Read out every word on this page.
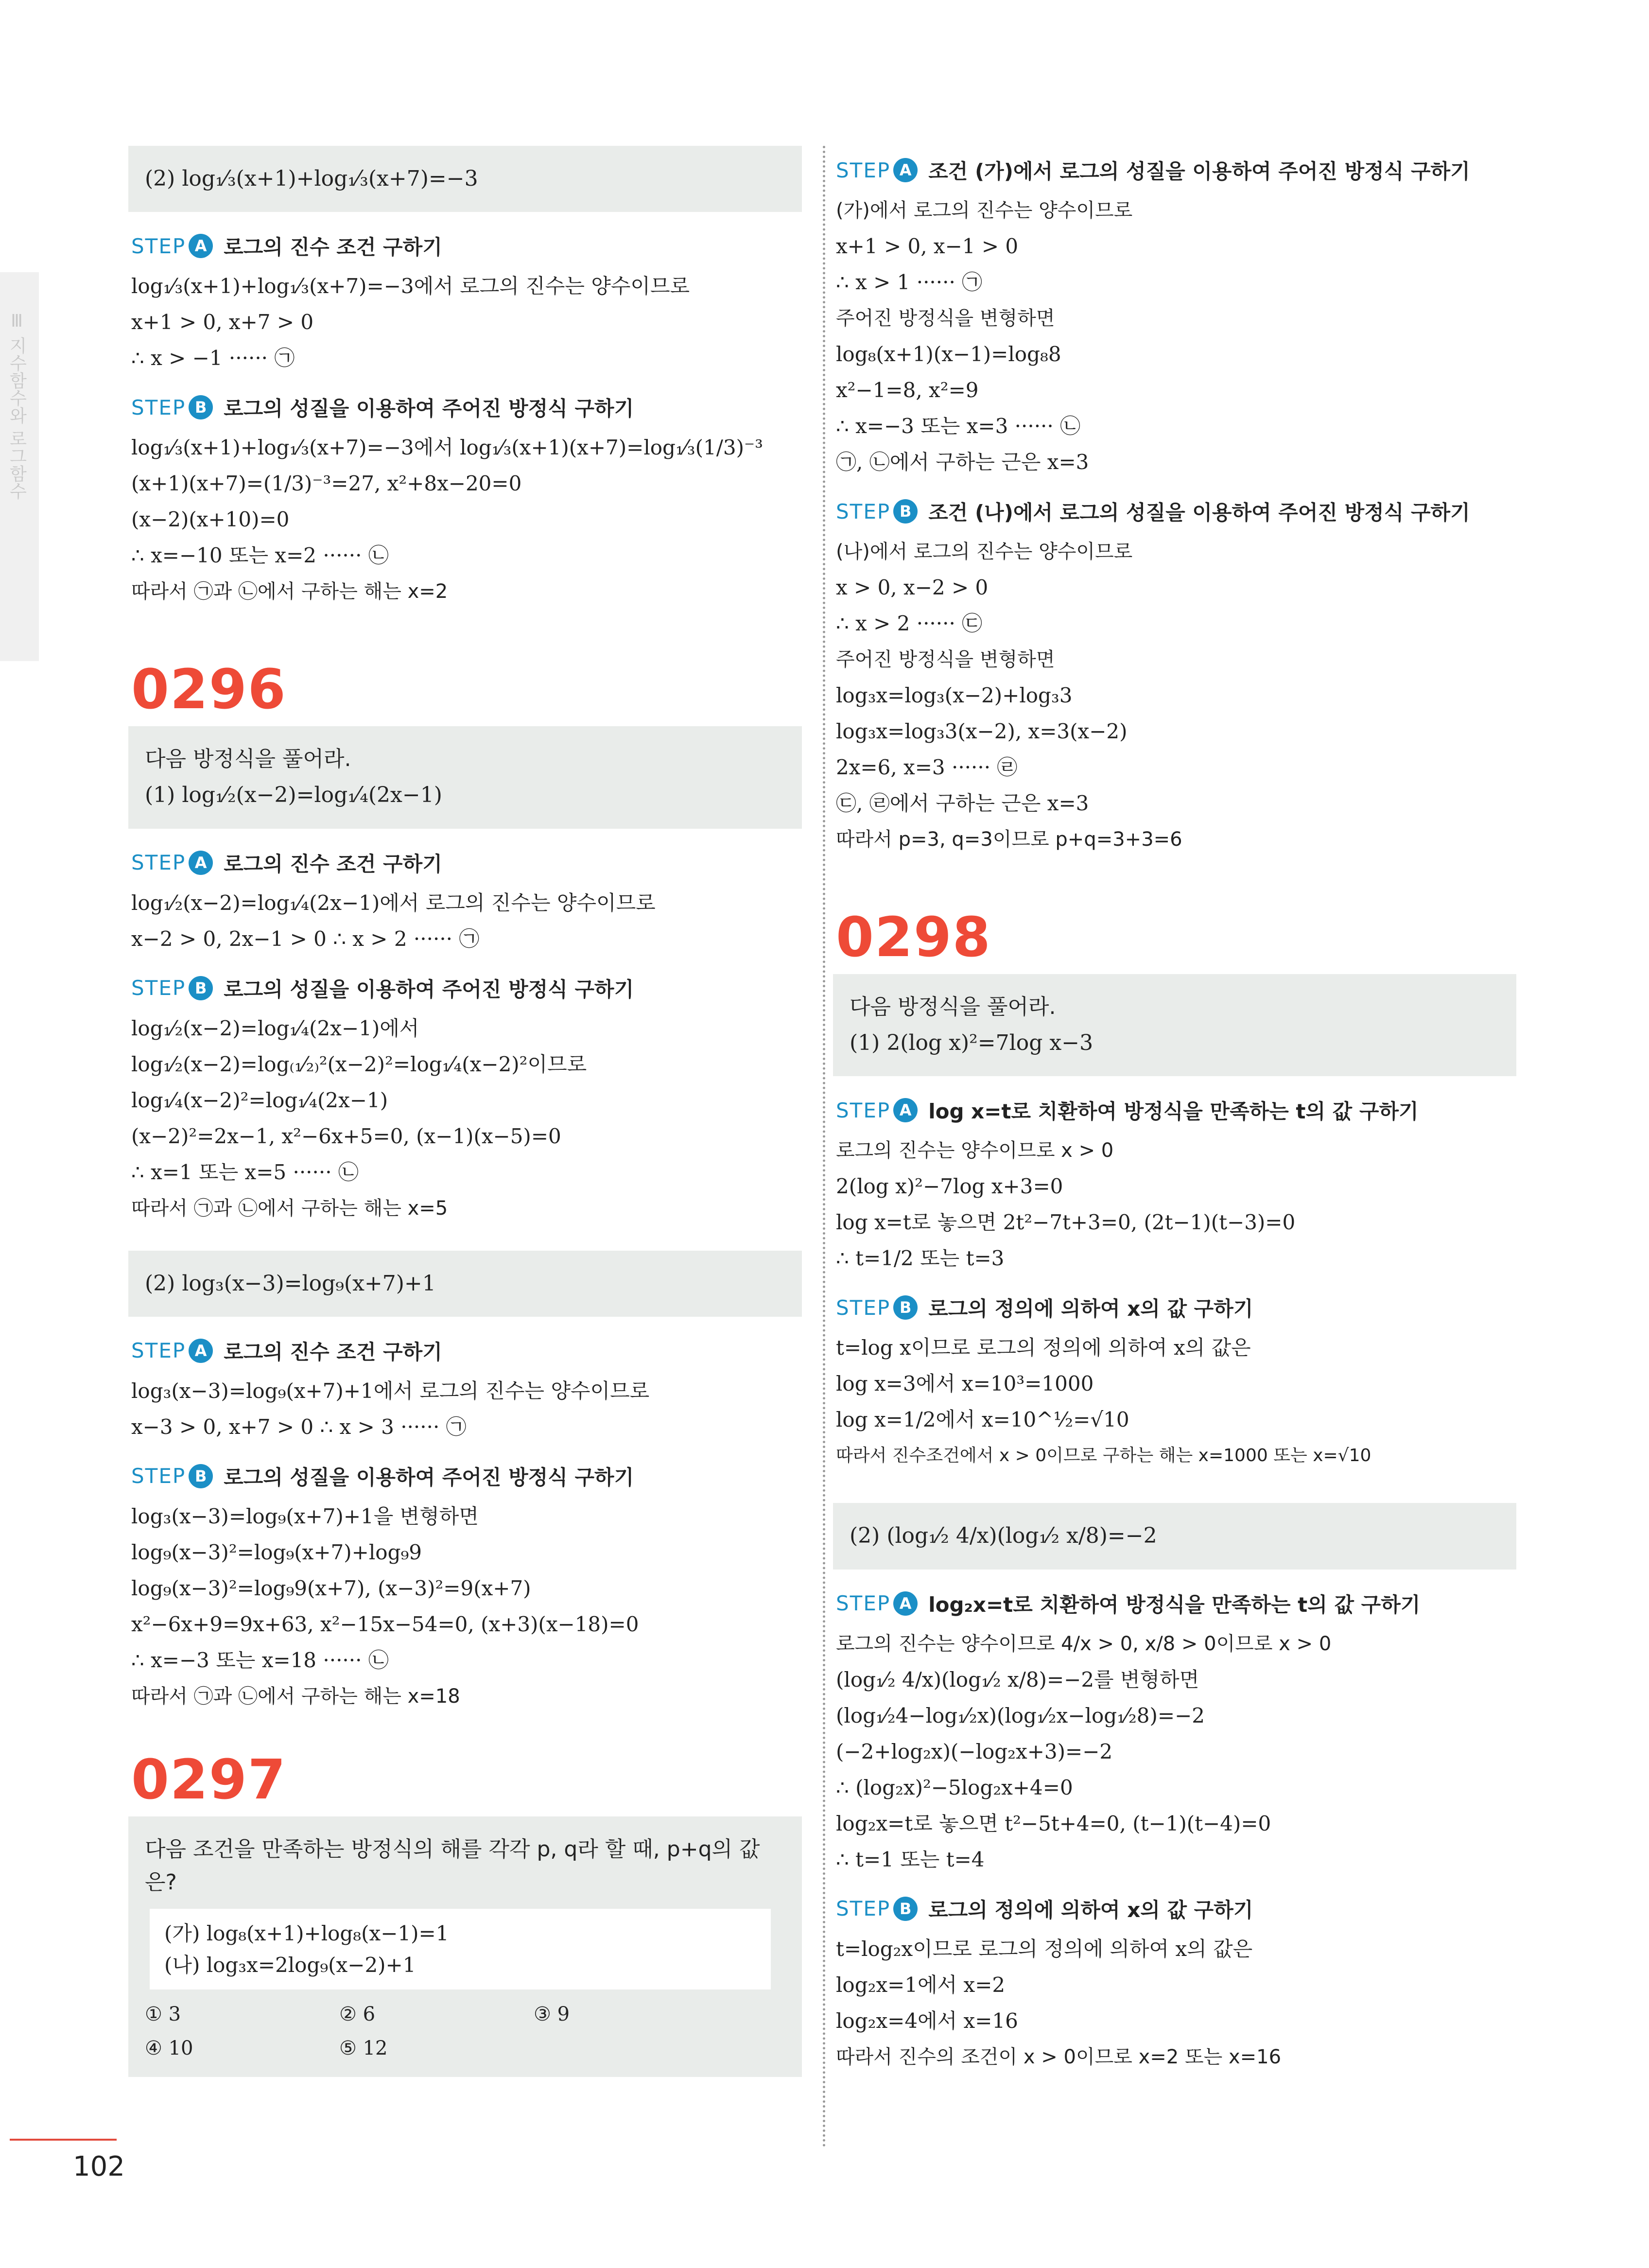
Ⅲ 지수함수와 로그함수
(2) log₁⁄₃(x+1)+log₁⁄₃(x+7)=−3
STEP A 로그의 진수 조건 구하기
log₁⁄₃(x+1)+log₁⁄₃(x+7)=−3에서 로그의 진수는 양수이므로
x+1 > 0, x+7 > 0
∴ x > −1 ······ ㉠
STEP B 로그의 성질을 이용하여 주어진 방정식 구하기
log₁⁄₃(x+1)+log₁⁄₃(x+7)=−3에서 log₁⁄₃(x+1)(x+7)=log₁⁄₃(1/3)⁻³
(x+1)(x+7)=(1/3)⁻³=27, x²+8x−20=0
(x−2)(x+10)=0
∴ x=−10 또는 x=2 ······ ㉡
따라서 ㉠과 ㉡에서 구하는 해는 x=2
0296
다음 방정식을 풀어라.
(1) log₁⁄₂(x−2)=log₁⁄₄(2x−1)
STEP A 로그의 진수 조건 구하기
log₁⁄₂(x−2)=log₁⁄₄(2x−1)에서 로그의 진수는 양수이므로
x−2 > 0, 2x−1 > 0 ∴ x > 2 ······ ㉠
STEP B 로그의 성질을 이용하여 주어진 방정식 구하기
log₁⁄₂(x−2)=log₁⁄₄(2x−1)에서
log₁⁄₂(x−2)=log₍₁⁄₂₎²(x−2)²=log₁⁄₄(x−2)²이므로
log₁⁄₄(x−2)²=log₁⁄₄(2x−1)
(x−2)²=2x−1, x²−6x+5=0, (x−1)(x−5)=0
∴ x=1 또는 x=5 ······ ㉡
따라서 ㉠과 ㉡에서 구하는 해는 x=5
(2) log₃(x−3)=log₉(x+7)+1
STEP A 로그의 진수 조건 구하기
log₃(x−3)=log₉(x+7)+1에서 로그의 진수는 양수이므로
x−3 > 0, x+7 > 0 ∴ x > 3 ······ ㉠
STEP B 로그의 성질을 이용하여 주어진 방정식 구하기
log₃(x−3)=log₉(x+7)+1을 변형하면
log₉(x−3)²=log₉(x+7)+log₉9
log₉(x−3)²=log₉9(x+7), (x−3)²=9(x+7)
x²−6x+9=9x+63, x²−15x−54=0, (x+3)(x−18)=0
∴ x=−3 또는 x=18 ······ ㉡
따라서 ㉠과 ㉡에서 구하는 해는 x=18
0297
다음 조건을 만족하는 방정식의 해를 각각 p, q라 할 때, p+q의 값은?
(가) log₈(x+1)+log₈(x−1)=1
(나) log₃x=2log₉(x−2)+1
① 3	② 6	③ 9
④ 10	⑤ 12
STEP A 조건 (가)에서 로그의 성질을 이용하여 주어진 방정식 구하기
(가)에서 로그의 진수는 양수이므로
x+1 > 0, x−1 > 0
∴ x > 1 ······ ㉠
주어진 방정식을 변형하면
log₈(x+1)(x−1)=log₈8
x²−1=8, x²=9
∴ x=−3 또는 x=3 ······ ㉡
㉠, ㉡에서 구하는 근은 x=3
STEP B 조건 (나)에서 로그의 성질을 이용하여 주어진 방정식 구하기
(나)에서 로그의 진수는 양수이므로
x > 0, x−2 > 0
∴ x > 2 ······ ㉢
주어진 방정식을 변형하면
log₃x=log₃(x−2)+log₃3
log₃x=log₃3(x−2), x=3(x−2)
2x=6, x=3 ······ ㉣
㉢, ㉣에서 구하는 근은 x=3
따라서 p=3, q=3이므로 p+q=3+3=6
0298
다음 방정식을 풀어라.
(1) 2(log x)²=7log x−3
STEP A log x=t로 치환하여 방정식을 만족하는 t의 값 구하기
로그의 진수는 양수이므로 x > 0
2(log x)²−7log x+3=0
log x=t로 놓으면 2t²−7t+3=0, (2t−1)(t−3)=0
∴ t=1/2 또는 t=3
STEP B 로그의 정의에 의하여 x의 값 구하기
t=log x이므로 로그의 정의에 의하여 x의 값은
log x=3에서 x=10³=1000
log x=1/2에서 x=10^½=√10
따라서 진수조건에서 x > 0이므로 구하는 해는 x=1000 또는 x=√10
(2) (log₁⁄₂ 4/x)(log₁⁄₂ x/8)=−2
STEP A log₂x=t로 치환하여 방정식을 만족하는 t의 값 구하기
로그의 진수는 양수이므로 4/x > 0, x/8 > 0이므로 x > 0
(log₁⁄₂ 4/x)(log₁⁄₂ x/8)=−2를 변형하면
(log₁⁄₂4−log₁⁄₂x)(log₁⁄₂x−log₁⁄₂8)=−2
(−2+log₂x)(−log₂x+3)=−2
∴ (log₂x)²−5log₂x+4=0
log₂x=t로 놓으면 t²−5t+4=0, (t−1)(t−4)=0
∴ t=1 또는 t=4
STEP B 로그의 정의에 의하여 x의 값 구하기
t=log₂x이므로 로그의 정의에 의하여 x의 값은
log₂x=1에서 x=2
log₂x=4에서 x=16
따라서 진수의 조건이 x > 0이므로 x=2 또는 x=16
102
